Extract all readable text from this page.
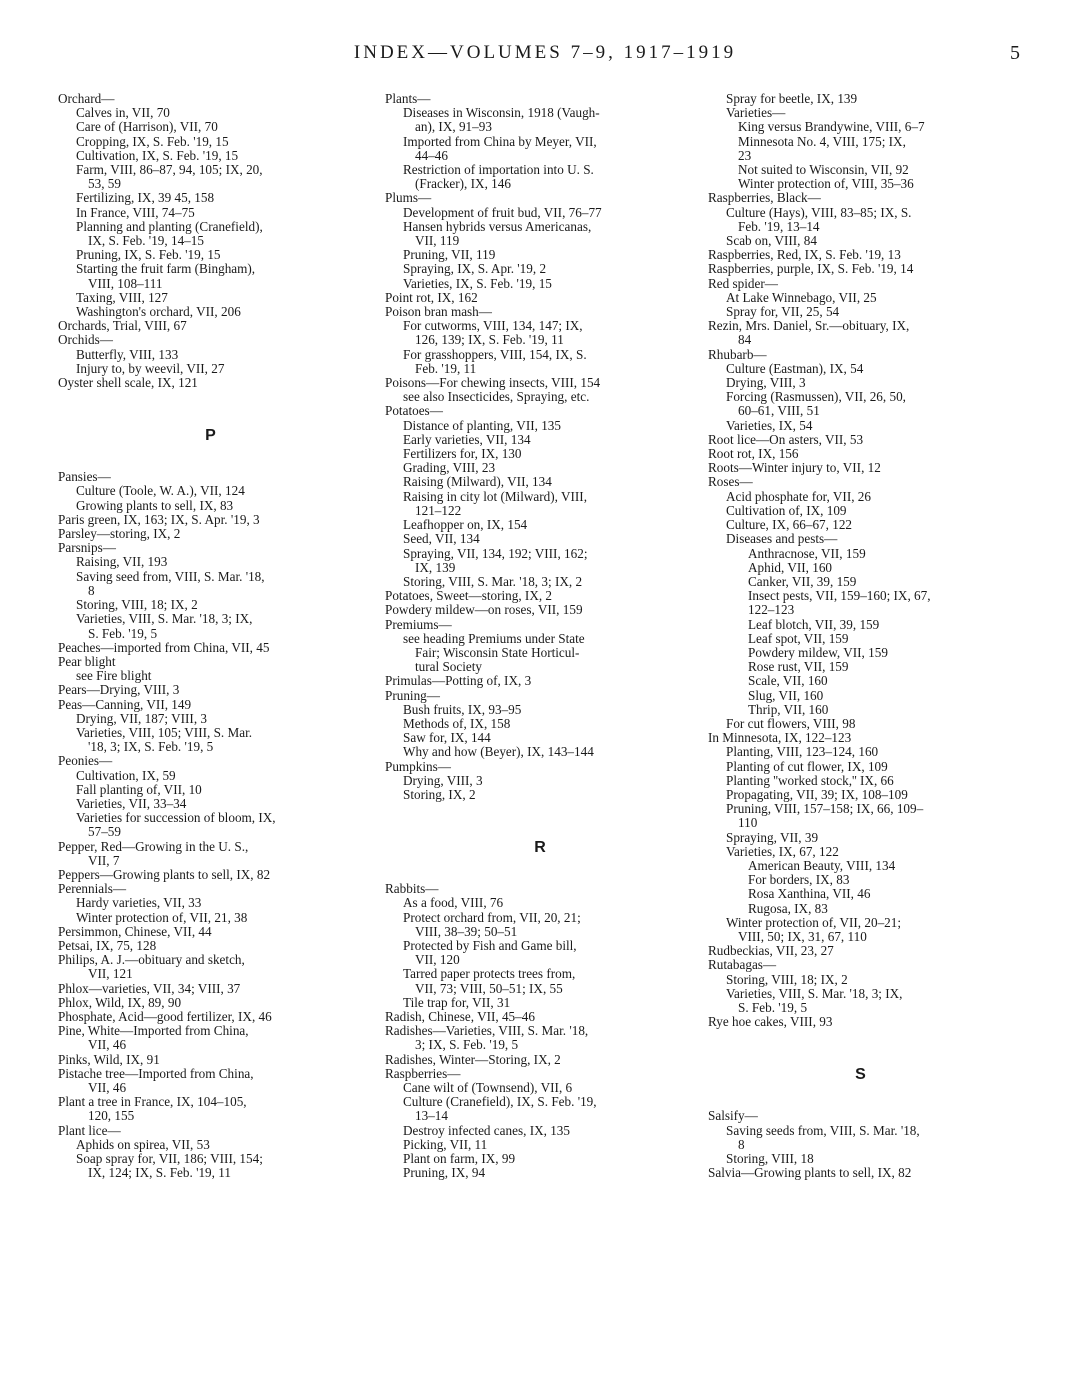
INDEX—VOLUMES 7–9, 1917–1919	5
Orchard—
Calves in, VII, 70
Care of (Harrison), VII, 70
Cropping, IX, S. Feb. '19, 15
Cultivation, IX, S. Feb. '19, 15
Farm, VIII, 86–87, 94, 105; IX, 20,
53, 59
Fertilizing, IX, 39 45, 158
In France, VIII, 74–75
Planning and planting (Cranefield),
IX, S. Feb. '19, 14–15
Pruning, IX, S. Feb. '19, 15
Starting the fruit farm (Bingham),
VIII, 108–111
Taxing, VIII, 127
Washington's orchard, VII, 206
Orchards, Trial, VIII, 67
Orchids—
Butterfly, VIII, 133
Injury to, by weevil, VII, 27
Oyster shell scale, IX, 121
P
Pansies—
Culture (Toole, W. A.), VII, 124
Growing plants to sell, IX, 83
Paris green, IX, 163; IX, S. Apr. '19, 3
Parsley—storing, IX, 2
Parsnips—
Raising, VII, 193
Saving seed from, VIII, S. Mar. '18,
8
Storing, VIII, 18; IX, 2
Varieties, VIII, S. Mar. '18, 3; IX,
S. Feb. '19, 5
Peaches—imported from China, VII, 45
Pear blight
see Fire blight
Pears—Drying, VIII, 3
Peas—Canning, VII, 149
Drying, VII, 187; VIII, 3
Varieties, VIII, 105; VIII, S. Mar.
'18, 3; IX, S. Feb. '19, 5
Peonies—
Cultivation, IX, 59
Fall planting of, VII, 10
Varieties, VII, 33–34
Varieties for succession of bloom, IX,
57–59
Pepper, Red—Growing in the U. S.,
VII, 7
Peppers—Growing plants to sell, IX, 82
Perennials—
Hardy varieties, VII, 33
Winter protection of, VII, 21, 38
Persimmon, Chinese, VII, 44
Petsai, IX, 75, 128
Philips, A. J.—obituary and sketch,
VII, 121
Phlox—varieties, VII, 34; VIII, 37
Phlox, Wild, IX, 89, 90
Phosphate, Acid—good fertilizer, IX, 46
Pine, White—Imported from China,
VII, 46
Pinks, Wild, IX, 91
Pistache tree—Imported from China,
VII, 46
Plant a tree in France, IX, 104–105,
120, 155
Plant lice—
Aphids on spirea, VII, 53
Soap spray for, VII, 186; VIII, 154;
IX, 124; IX, S. Feb. '19, 11
Plants—
Diseases in Wisconsin, 1918 (Vaugh-
an), IX, 91–93
Imported from China by Meyer, VII,
44–46
Restriction of importation into U. S.
(Fracker), IX, 146
Plums—
Development of fruit bud, VII, 76–77
Hansen hybrids versus Americanas,
VII, 119
Pruning, VII, 119
Spraying, IX, S. Apr. '19, 2
Varieties, IX, S. Feb. '19, 15
Point rot, IX, 162
Poison bran mash—
For cutworms, VIII, 134, 147; IX,
126, 139; IX, S. Feb. '19, 11
For grasshoppers, VIII, 154, IX, S.
Feb. '19, 11
Poisons—For chewing insects, VIII, 154
see also Insecticides, Spraying, etc.
Potatoes—
Distance of planting, VII, 135
Early varieties, VII, 134
Fertilizers for, IX, 130
Grading, VIII, 23
Raising (Milward), VII, 134
Raising in city lot (Milward), VIII,
121–122
Leafhopper on, IX, 154
Seed, VII, 134
Spraying, VII, 134, 192; VIII, 162;
IX, 139
Storing, VIII, S. Mar. '18, 3; IX, 2
Potatoes, Sweet—storing, IX, 2
Powdery mildew—on roses, VII, 159
Premiums—
see heading Premiums under State
Fair; Wisconsin State Horticul-
tural Society
Primulas—Potting of, IX, 3
Pruning—
Bush fruits, IX, 93–95
Methods of, IX, 158
Saw for, IX, 144
Why and how (Beyer), IX, 143–144
Pumpkins—
Drying, VIII, 3
Storing, IX, 2
R
Rabbits—
As a food, VIII, 76
Protect orchard from, VII, 20, 21;
VIII, 38–39; 50–51
Protected by Fish and Game bill,
VII, 120
Tarred paper protects trees from,
VII, 73; VIII, 50–51; IX, 55
Tile trap for, VII, 31
Radish, Chinese, VII, 45–46
Radishes—Varieties, VIII, S. Mar. '18,
3; IX, S. Feb. '19, 5
Radishes, Winter—Storing, IX, 2
Raspberries—
Cane wilt of (Townsend), VII, 6
Culture (Cranefield), IX, S. Feb. '19,
13–14
Destroy infected canes, IX, 135
Picking, VII, 11
Plant on farm, IX, 99
Pruning, IX, 94
Spray for beetle, IX, 139
Varieties—
King versus Brandywine, VIII, 6–7
Minnesota No. 4, VIII, 175; IX,
23
Not suited to Wisconsin, VII, 92
Winter protection of, VIII, 35–36
Raspberries, Black—
Culture (Hays), VIII, 83–85; IX, S.
Feb. '19, 13–14
Scab on, VIII, 84
Raspberries, Red, IX, S. Feb. '19, 13
Raspberries, purple, IX, S. Feb. '19, 14
Red spider—
At Lake Winnebago, VII, 25
Spray for, VII, 25, 54
Rezin, Mrs. Daniel, Sr.—obituary, IX,
84
Rhubarb—
Culture (Eastman), IX, 54
Drying, VIII, 3
Forcing (Rasmussen), VII, 26, 50,
60–61, VIII, 51
Varieties, IX, 54
Root lice—On asters, VII, 53
Root rot, IX, 156
Roots—Winter injury to, VII, 12
Roses—
Acid phosphate for, VII, 26
Cultivation of, IX, 109
Culture, IX, 66–67, 122
Diseases and pests—
Anthracnose, VII, 159
Aphid, VII, 160
Canker, VII, 39, 159
Insect pests, VII, 159–160; IX, 67,
122–123
Leaf blotch, VII, 39, 159
Leaf spot, VII, 159
Powdery mildew, VII, 159
Rose rust, VII, 159
Scale, VII, 160
Slug, VII, 160
Thrip, VII, 160
For cut flowers, VIII, 98
In Minnesota, IX, 122–123
Planting, VIII, 123–124, 160
Planting of cut flower, IX, 109
Planting ''worked stock,'' IX, 66
Propagating, VII, 39; IX, 108–109
Pruning, VIII, 157–158; IX, 66, 109–
110
Spraying, VII, 39
Varieties, IX, 67, 122
American Beauty, VIII, 134
For borders, IX, 83
Rosa Xanthina, VII, 46
Rugosa, IX, 83
Winter protection of, VII, 20–21;
VIII, 50; IX, 31, 67, 110
Rudbeckias, VII, 23, 27
Rutabagas—
Storing, VIII, 18; IX, 2
Varieties, VIII, S. Mar. '18, 3; IX,
S. Feb. '19, 5
Rye hoe cakes, VIII, 93
S
Salsify—
Saving seeds from, VIII, S. Mar. '18,
8
Storing, VIII, 18
Salvia—Growing plants to sell, IX, 82
